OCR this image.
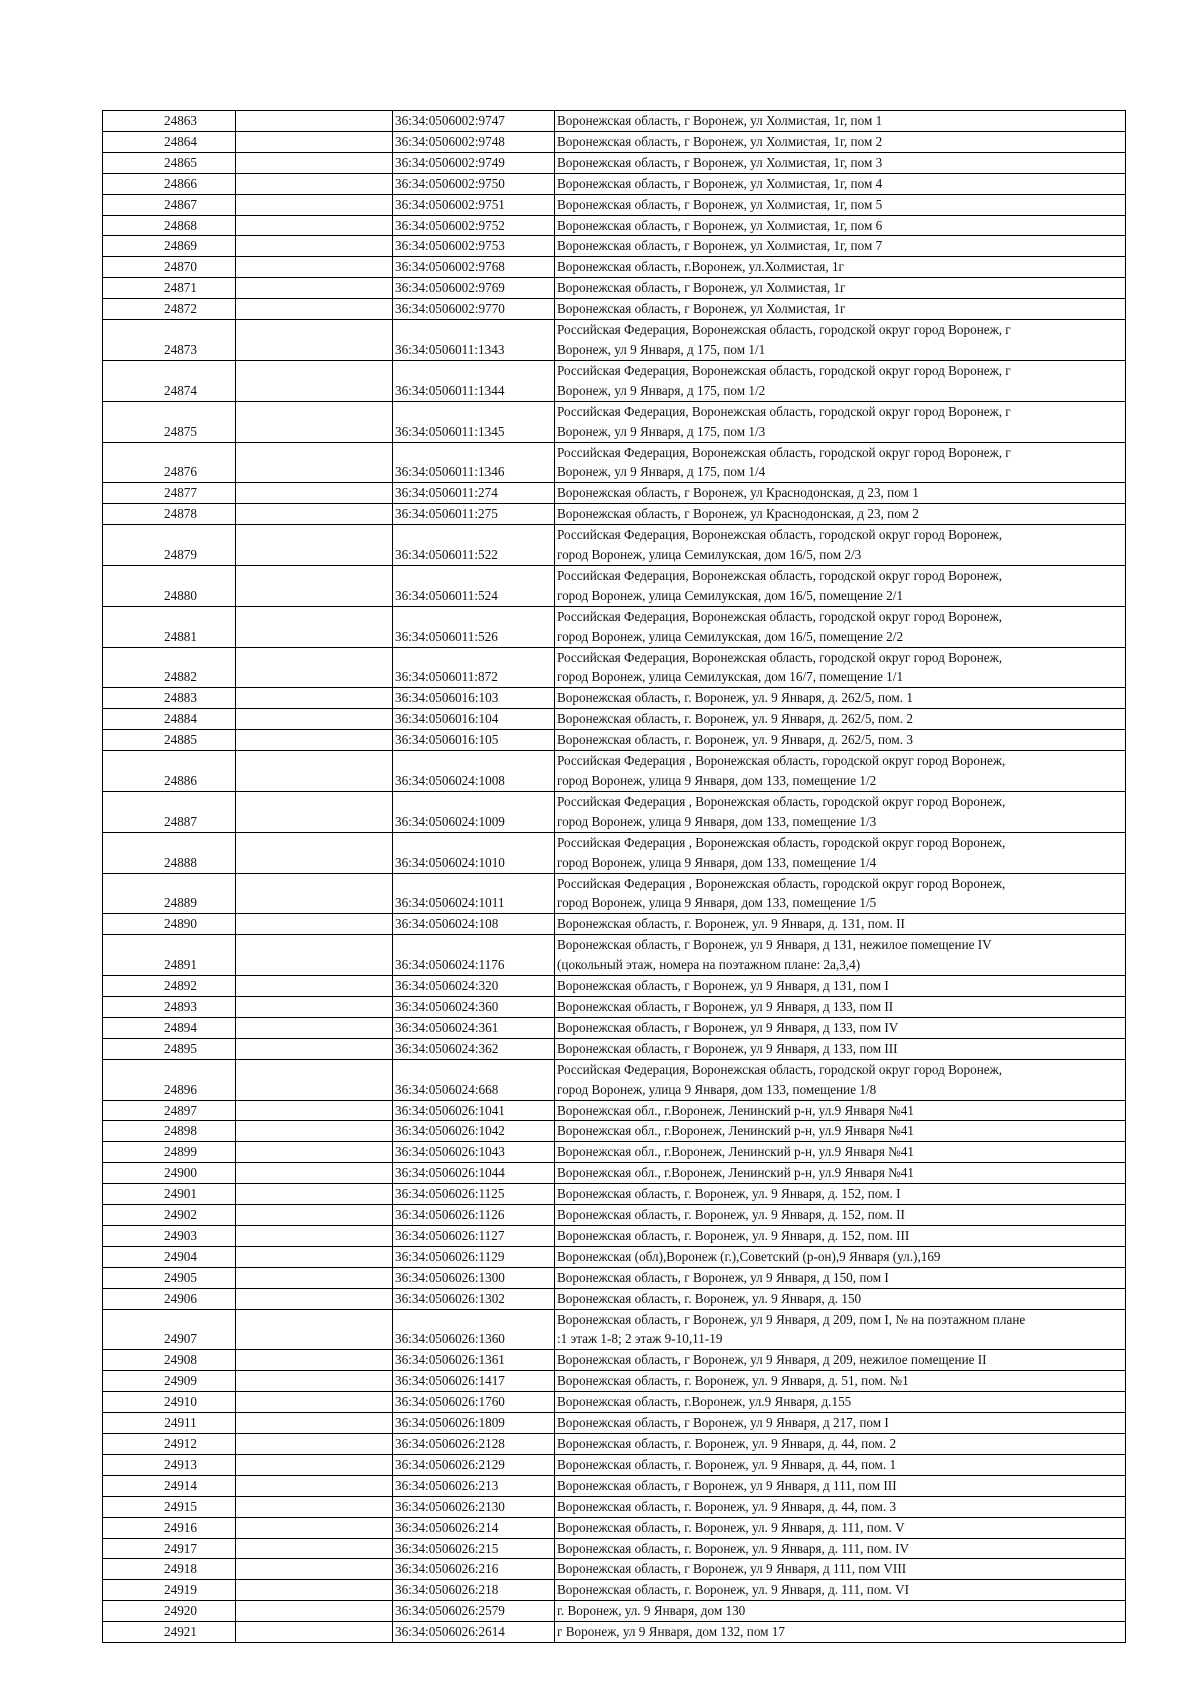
24863		36:34:0506002:9747	Воронежская область, г Воронеж, ул Холмистая, 1г, пом 1
24864		36:34:0506002:9748	Воронежская область, г Воронеж, ул Холмистая, 1г, пом 2
24865		36:34:0506002:9749	Воронежская область, г Воронеж, ул Холмистая, 1г, пом 3
24866		36:34:0506002:9750	Воронежская область, г Воронеж, ул Холмистая, 1г, пом 4
24867		36:34:0506002:9751	Воронежская область, г Воронеж, ул Холмистая, 1г, пом 5
24868		36:34:0506002:9752	Воронежская область, г Воронеж, ул Холмистая, 1г, пом 6
24869		36:34:0506002:9753	Воронежская область, г Воронеж, ул Холмистая, 1г, пом 7
24870		36:34:0506002:9768	Воронежская область, г.Воронеж, ул.Холмистая, 1г
24871		36:34:0506002:9769	Воронежская область, г Воронеж, ул Холмистая, 1г
24872		36:34:0506002:9770	Воронежская область, г Воронеж, ул Холмистая, 1г
24873		36:34:0506011:1343	Российская Федерация, Воронежская область, городской округ город Воронеж, г
Воронеж, ул 9 Января, д 175, пом 1/1

24874		36:34:0506011:1344	Российская Федерация, Воронежская область, городской округ город Воронеж, г
Воронеж, ул 9 Января, д 175, пом 1/2

24875		36:34:0506011:1345	Российская Федерация, Воронежская область, городской округ город Воронеж, г
Воронеж, ул 9 Января, д 175, пом 1/3

24876		36:34:0506011:1346	Российская Федерация, Воронежская область, городской округ город Воронеж, г
Воронеж, ул 9 Января, д 175, пом 1/4

24877		36:34:0506011:274	Воронежская область, г Воронеж, ул Краснодонская, д 23, пом 1
24878		36:34:0506011:275	Воронежская область, г Воронеж, ул Краснодонская, д 23, пом 2
24879		36:34:0506011:522	Российская Федерация, Воронежская область, городской округ город Воронеж,
город Воронеж, улица Семилукская, дом 16/5, пом 2/3

24880		36:34:0506011:524	Российская Федерация, Воронежская область, городской округ город Воронеж,
город Воронеж, улица Семилукская, дом 16/5, помещение 2/1

24881		36:34:0506011:526	Российская Федерация, Воронежская область, городской округ город Воронеж,
город Воронеж, улица Семилукская, дом 16/5, помещение 2/2

24882		36:34:0506011:872	Российская Федерация, Воронежская область, городской округ город Воронеж,
город Воронеж, улица Семилукская, дом 16/7, помещение 1/1

24883		36:34:0506016:103	Воронежская область, г. Воронеж, ул. 9 Января, д. 262/5, пом. 1
24884		36:34:0506016:104	Воронежская область, г. Воронеж, ул. 9 Января, д. 262/5, пом. 2
24885		36:34:0506016:105	Воронежская область, г. Воронеж, ул. 9 Января, д. 262/5, пом. 3
24886		36:34:0506024:1008	Российская Федерация , Воронежская область, городской округ город Воронеж,
город Воронеж, улица 9 Января, дом 133, помещение 1/2

24887		36:34:0506024:1009	Российская Федерация , Воронежская область, городской округ город Воронеж,
город Воронеж, улица 9 Января, дом 133, помещение 1/3

24888		36:34:0506024:1010	Российская Федерация , Воронежская область, городской округ город Воронеж,
город Воронеж, улица 9 Января, дом 133, помещение 1/4

24889		36:34:0506024:1011	Российская Федерация , Воронежская область, городской округ город Воронеж,
город Воронеж, улица 9 Января, дом 133, помещение 1/5

24890		36:34:0506024:108	Воронежская область, г. Воронеж, ул. 9 Января, д. 131, пом. II
24891		36:34:0506024:1176	Воронежская область, г Воронеж, ул 9 Января, д 131, нежилое помещение IV
(цокольный этаж, номера на поэтажном плане: 2а,3,4)

24892		36:34:0506024:320	Воронежская область, г Воронеж, ул 9 Января, д 131, пом I
24893		36:34:0506024:360	Воронежская область, г Воронеж, ул 9 Января, д 133, пом II
24894		36:34:0506024:361	Воронежская область, г Воронеж, ул 9 Января, д 133, пом IV
24895		36:34:0506024:362	Воронежская область, г Воронеж, ул 9 Января, д 133, пом III
24896		36:34:0506024:668	Российская Федерация, Воронежская область, городской округ город Воронеж,
город Воронеж, улица 9 Января, дом 133, помещение 1/8

24897		36:34:0506026:1041	Воронежская обл., г.Воронеж, Ленинский р-н, ул.9 Января №41
24898		36:34:0506026:1042	Воронежская обл., г.Воронеж, Ленинский р-н, ул.9 Января №41
24899		36:34:0506026:1043	Воронежская обл., г.Воронеж, Ленинский р-н, ул.9 Января №41
24900		36:34:0506026:1044	Воронежская обл., г.Воронеж, Ленинский р-н, ул.9 Января №41
24901		36:34:0506026:1125	Воронежская область, г. Воронеж, ул. 9 Января, д. 152, пом. I
24902		36:34:0506026:1126	Воронежская область, г. Воронеж, ул. 9 Января, д. 152, пом. II
24903		36:34:0506026:1127	Воронежская область, г. Воронеж, ул. 9 Января, д. 152, пом. III
24904		36:34:0506026:1129	Воронежская (обл),Воронеж (г.),Советский (р-он),9 Января (ул.),169
24905		36:34:0506026:1300	Воронежская область, г Воронеж, ул 9 Января, д 150, пом I
24906		36:34:0506026:1302	Воронежская область, г. Воронеж, ул. 9 Января, д. 150
24907		36:34:0506026:1360	Воронежская область, г Воронеж, ул 9 Января, д 209, пом I, № на поэтажном плане
:1 этаж 1-8; 2 этаж 9-10,11-19

24908		36:34:0506026:1361	Воронежская область, г Воронеж, ул 9 Января, д 209, нежилое помещение II
24909		36:34:0506026:1417	Воронежская область, г. Воронеж, ул. 9 Января, д. 51, пом. №1
24910		36:34:0506026:1760	Воронежская область, г.Воронеж, ул.9 Января, д.155
24911		36:34:0506026:1809	Воронежская область, г Воронеж, ул 9 Января, д 217, пом I
24912		36:34:0506026:2128	Воронежская область, г. Воронеж, ул. 9 Января, д. 44, пом. 2
24913		36:34:0506026:2129	Воронежская область, г. Воронеж, ул. 9 Января, д. 44, пом. 1
24914		36:34:0506026:213	Воронежская область, г Воронеж, ул 9 Января, д 111, пом III
24915		36:34:0506026:2130	Воронежская область, г. Воронеж, ул. 9 Января, д. 44, пом. 3
24916		36:34:0506026:214	Воронежская область, г. Воронеж, ул. 9 Января, д. 111, пом. V
24917		36:34:0506026:215	Воронежская область, г. Воронеж, ул. 9 Января, д. 111, пом. IV
24918		36:34:0506026:216	Воронежская область, г Воронеж, ул 9 Января, д 111, пом VIII
24919		36:34:0506026:218	Воронежская область, г. Воронеж, ул. 9 Января, д. 111, пом. VI
24920		36:34:0506026:2579	г. Воронеж, ул. 9 Января, дом 130
24921		36:34:0506026:2614	г Воронеж, ул 9 Января, дом 132, пом 17
